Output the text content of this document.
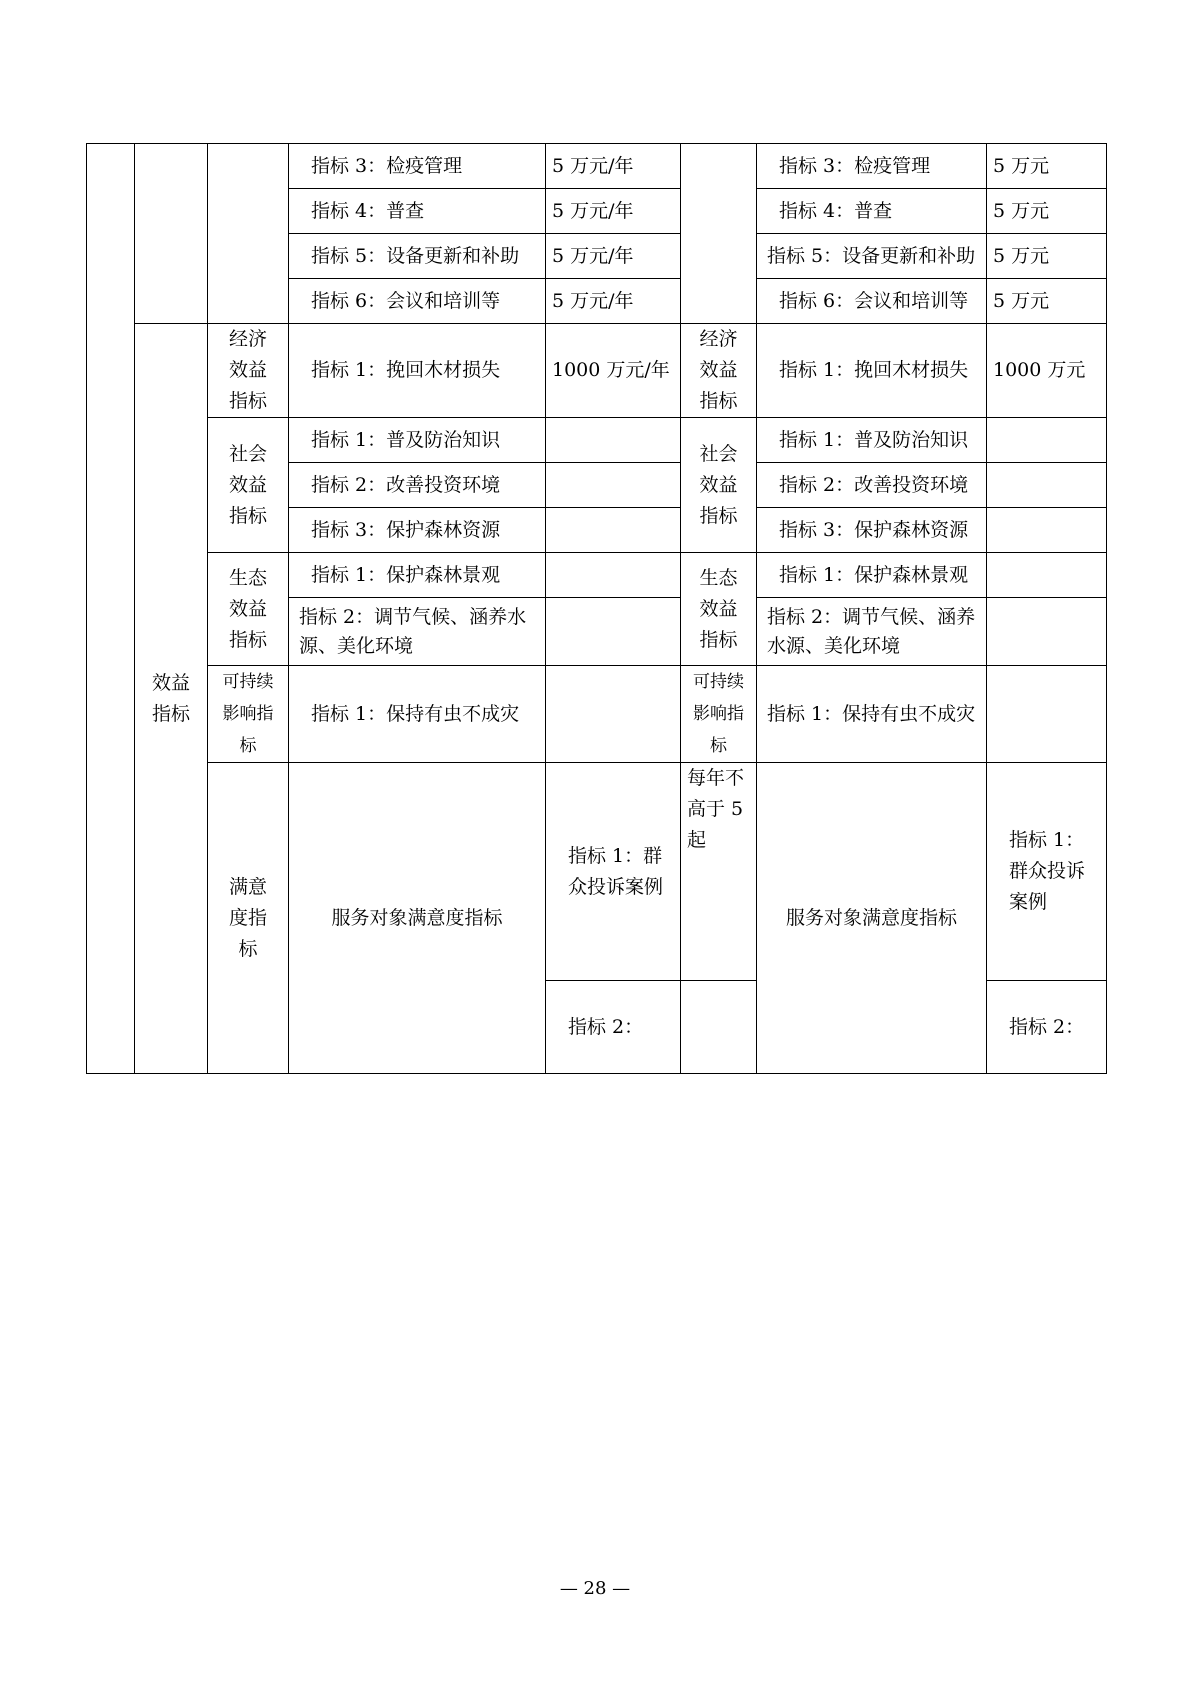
			指标 3：检疫管理	5 万元/年		指标 3：检疫管理	5 万元	
			指标 4：普查	5 万元/年		指标 4：普查	5 万元	
			指标 5：设备更新和补助	5 万元/年		指标 5：设备更新和补助	5 万元	
			指标 6：会议和培训等	5 万元/年		指标 6：会议和培训等	5 万元	
	效益指标	经济效益指标	指标 1：挽回木材损失	1000 万元/年	经济效益指标	指标 1：挽回木材损失	1000 万元	
		社会效益指标	指标 1：普及防治知识		社会效益指标	指标 1：普及防治知识		
			指标 2：改善投资环境			指标 2：改善投资环境		
			指标 3：保护森林资源			指标 3：保护森林资源		
		生态效益指标	指标 1：保护森林景观		生态效益指标	指标 1：保护森林景观		
			指标 2：调节气候、涵养水源、美化环境			指标 2：调节气候、涵养水源、美化环境		
		可持续影响指标	指标 1：保持有虫不成灾		可持续影响指标	指标 1：保持有虫不成灾		
		满意度指标	服务对象满意度指标	指标 1：群众投诉案例	每年不高于 5 起	服务对象满意度指标	指标 1：群众投诉案例	
				指标 2：			指标 2：	
— 28 —
